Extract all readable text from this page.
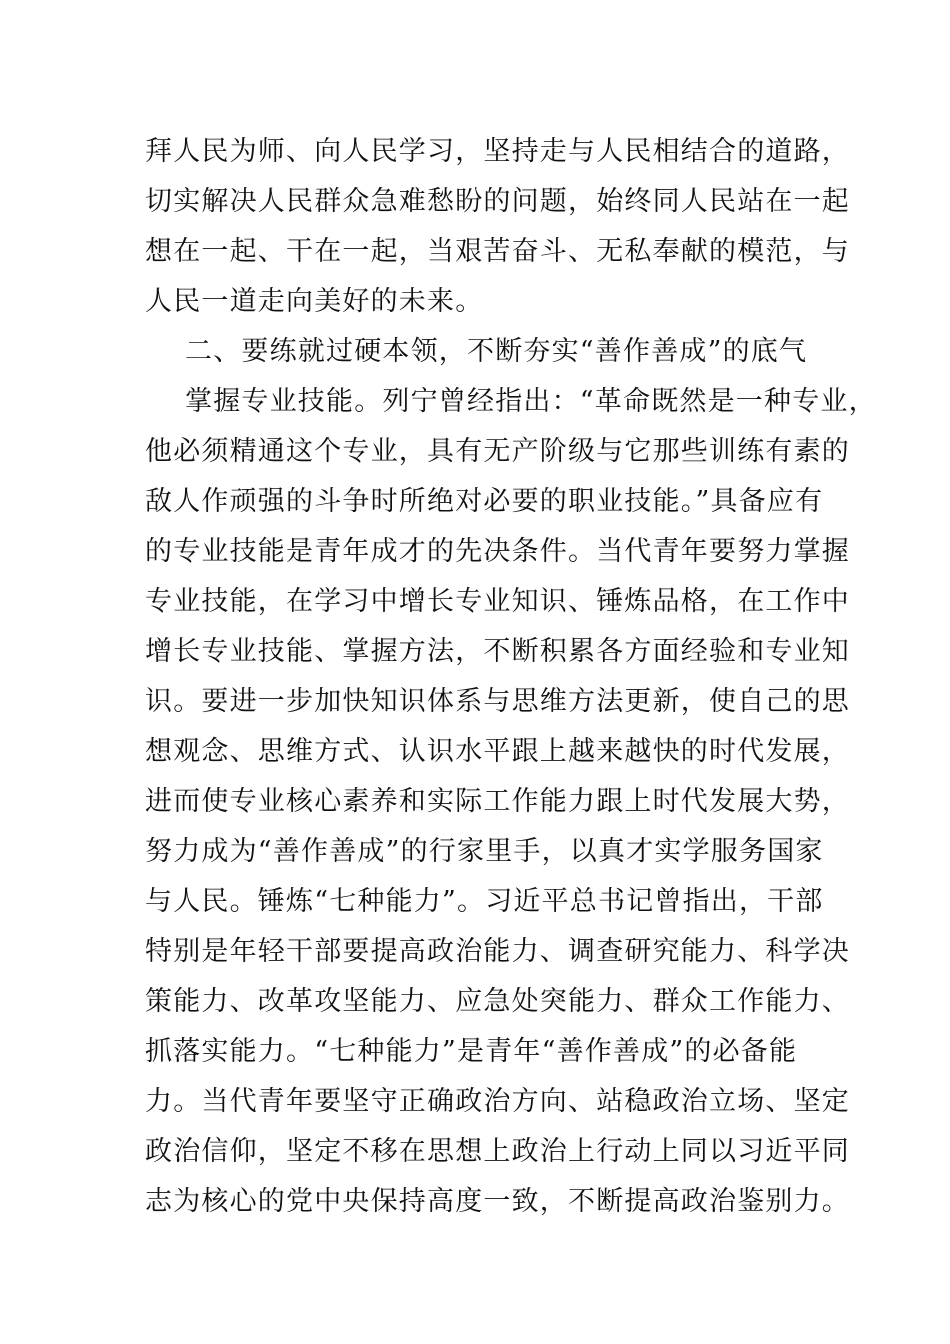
拜人民为师、向人民学习，坚持走与人民相结合的道路，
切实解决人民群众急难愁盼的问题，始终同人民站在一起
想在一起、干在一起，当艰苦奋斗、无私奉献的模范，与
人民一道走向美好的未来。
二、要练就过硬本领，不断夯实“善作善成”的底气
掌握专业技能。列宁曾经指出：“革命既然是一种专业，
他必须精通这个专业，具有无产阶级与它那些训练有素的
敌人作顽强的斗争时所绝对必要的职业技能。”具备应有
的专业技能是青年成才的先决条件。当代青年要努力掌握
专业技能，在学习中增长专业知识、锤炼品格，在工作中
增长专业技能、掌握方法，不断积累各方面经验和专业知
识。要进一步加快知识体系与思维方法更新，使自己的思
想观念、思维方式、认识水平跟上越来越快的时代发展，
进而使专业核心素养和实际工作能力跟上时代发展大势，
努力成为“善作善成”的行家里手，以真才实学服务国家
与人民。锤炼“七种能力”。习近平总书记曾指出，干部
特别是年轻干部要提高政治能力、调查研究能力、科学决
策能力、改革攻坚能力、应急处突能力、群众工作能力、
抓落实能力。“七种能力”是青年“善作善成”的必备能
力。当代青年要坚守正确政治方向、站稳政治立场、坚定
政治信仰，坚定不移在思想上政治上行动上同以习近平同
志为核心的党中央保持高度一致，不断提高政治鉴别力。
